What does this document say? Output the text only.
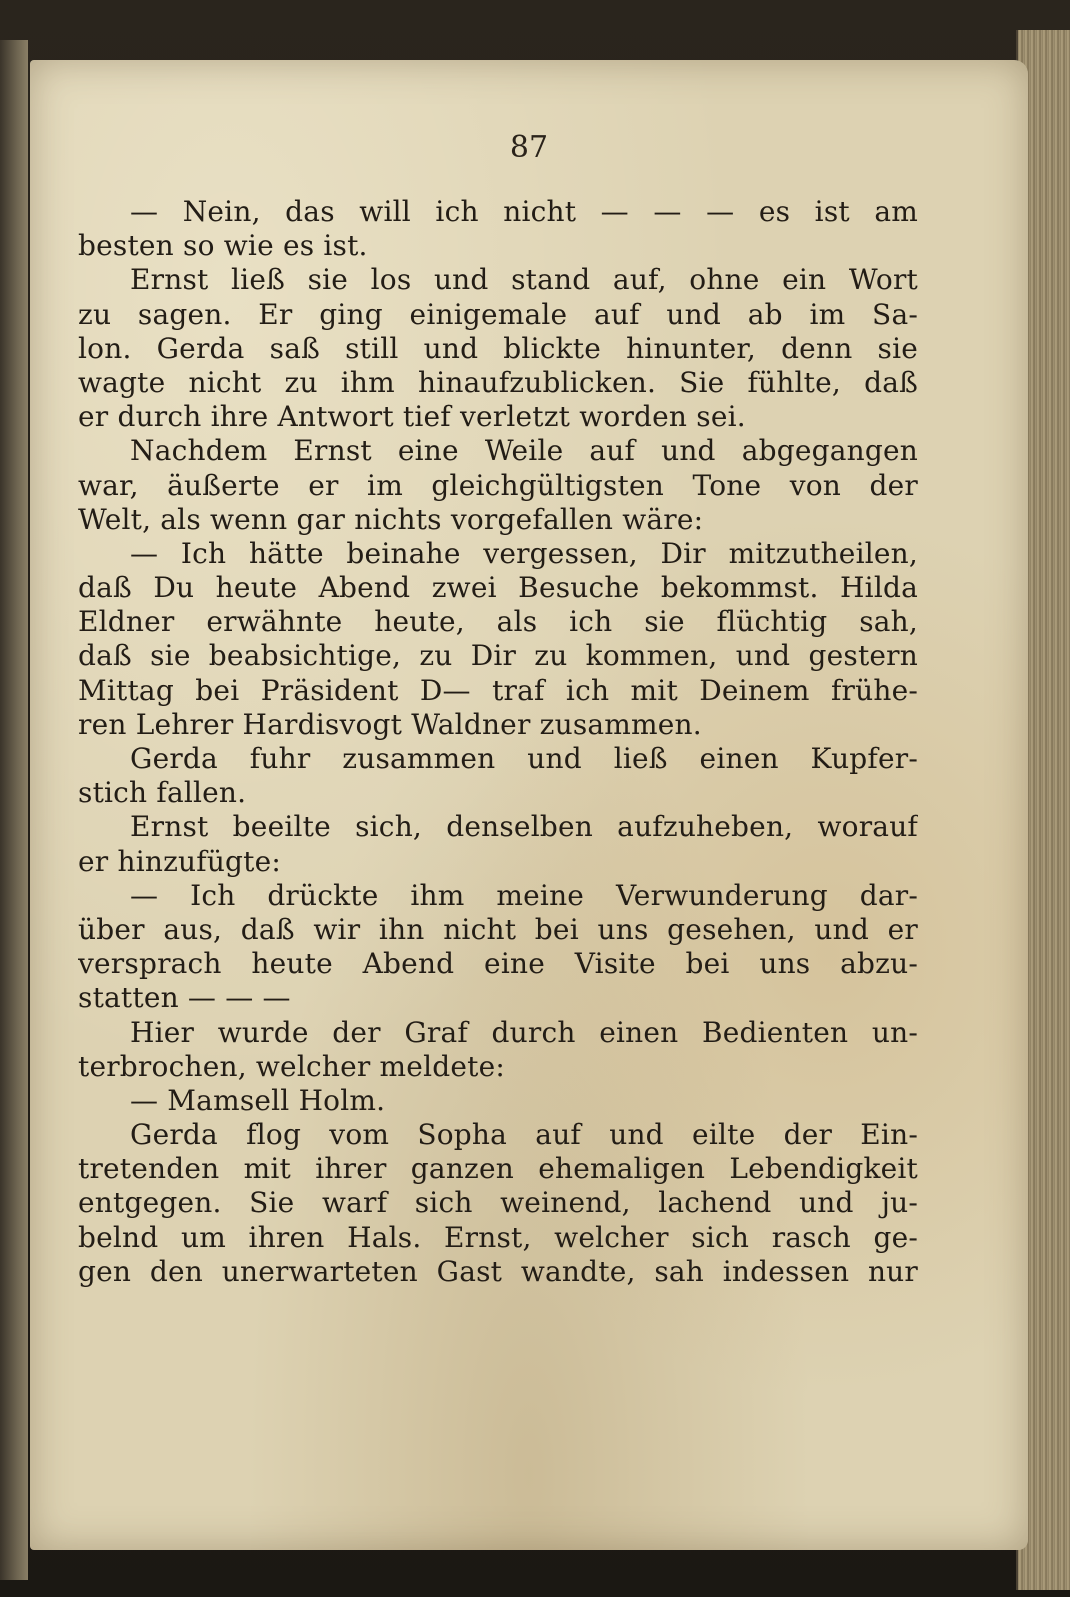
87
— Nein, das will ich nicht — — — es ist am
besten so wie es ist.
Ernst ließ sie los und stand auf, ohne ein Wort
zu sagen. Er ging einigemale auf und ab im Sa-
lon. Gerda saß still und blickte hinunter, denn sie
wagte nicht zu ihm hinaufzublicken. Sie fühlte, daß
er durch ihre Antwort tief verletzt worden sei.
Nachdem Ernst eine Weile auf und abgegangen
war, äußerte er im gleichgültigsten Tone von der
Welt, als wenn gar nichts vorgefallen wäre:
— Ich hätte beinahe vergessen, Dir mitzutheilen,
daß Du heute Abend zwei Besuche bekommst. Hilda
Eldner erwähnte heute, als ich sie flüchtig sah,
daß sie beabsichtige, zu Dir zu kommen, und gestern
Mittag bei Präsident D— traf ich mit Deinem frühe-
ren Lehrer Hardisvogt Waldner zusammen.
Gerda fuhr zusammen und ließ einen Kupfer-
stich fallen.
Ernst beeilte sich, denselben aufzuheben, worauf
er hinzufügte:
— Ich drückte ihm meine Verwunderung dar-
über aus, daß wir ihn nicht bei uns gesehen, und er
versprach heute Abend eine Visite bei uns abzu-
statten — — —
Hier wurde der Graf durch einen Bedienten un-
terbrochen, welcher meldete:
— Mamsell Holm.
Gerda flog vom Sopha auf und eilte der Ein-
tretenden mit ihrer ganzen ehemaligen Lebendigkeit
entgegen. Sie warf sich weinend, lachend und ju-
belnd um ihren Hals. Ernst, welcher sich rasch ge-
gen den unerwarteten Gast wandte, sah indessen nur
